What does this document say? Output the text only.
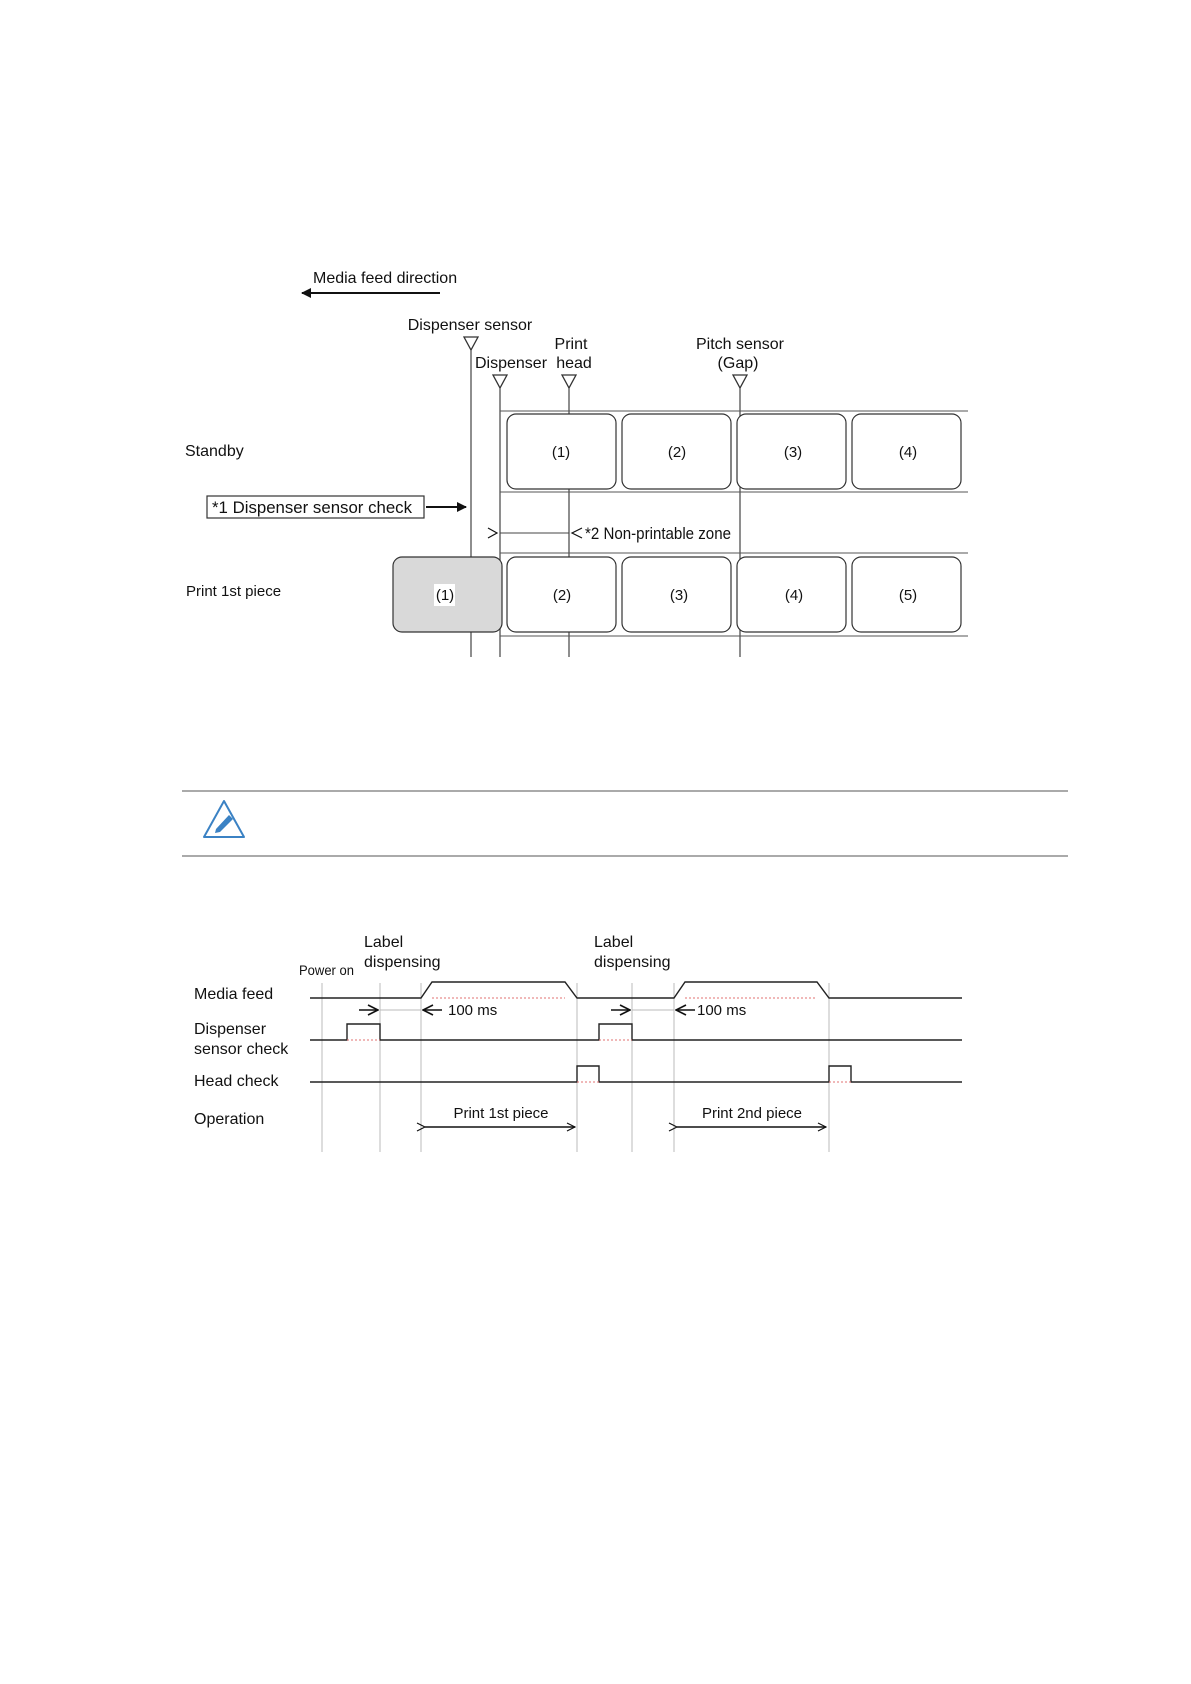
Media feed direction
Dispenser sensor
Print
Dispenser head
Pitch sensor
(Gap)
Standby	(1)	(2)	(3)	(4)
*1 Dispenser sensor check
*2 Non-printable zone
Print 1st piece	(1)	(2)	(3)	(4)	(5)
Power on
Label
dispensing
Label
dispensing
Media feed
Dispenser
sensor check
Head check
Operation
100 ms	100 ms
Print 1st piece	Print 2nd piece
